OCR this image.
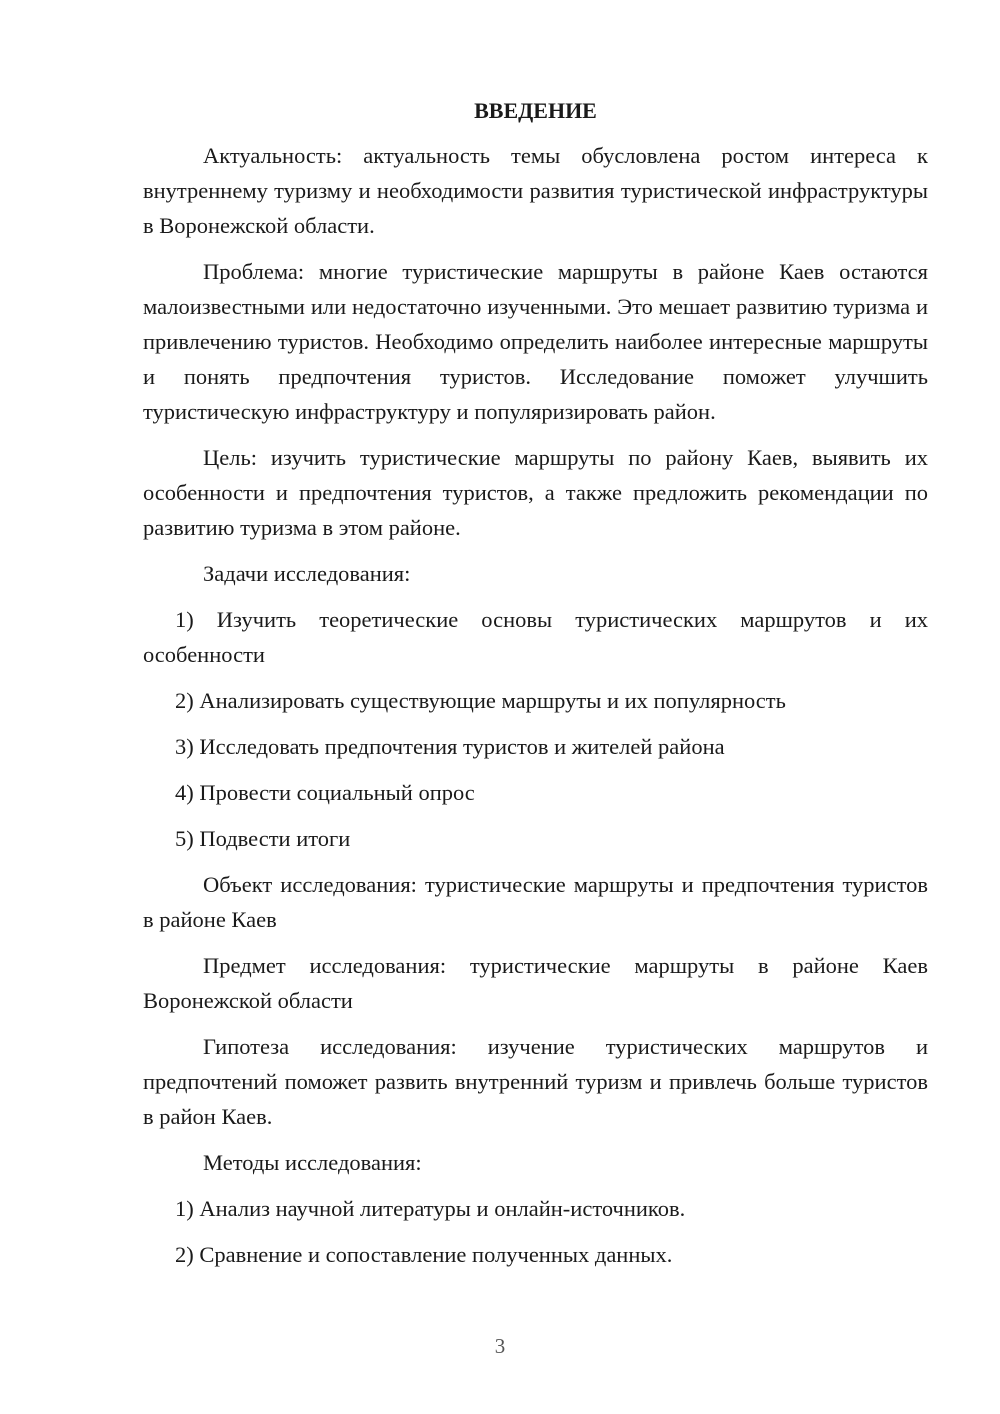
ВВЕДЕНИЕ

Актуальность: актуальность темы обусловлена ростом интереса к внутреннему туризму и необходимости развития туристической инфраструктуры в Воронежской области.

Проблема: многие туристические маршруты в районе Каев остаются малоизвестными или недостаточно изученными. Это мешает развитию туризма и привлечению туристов. Необходимо определить наиболее интересные маршруты и понять предпочтения туристов. Исследование поможет улучшить туристическую инфраструктуру и популяризировать район.

Цель: изучить туристические маршруты по району Каев, выявить их особенности и предпочтения туристов, а также предложить рекомендации по развитию туризма в этом районе.

Задачи исследования:

1) Изучить теоретические основы туристических маршрутов и их особенности

2) Анализировать существующие маршруты и их популярность

3) Исследовать предпочтения туристов и жителей района

4) Провести социальный опрос

5) Подвести итоги

Объект исследования: туристические маршруты и предпочтения туристов в районе Каев

Предмет исследования: туристические маршруты в районе Каев Воронежской области

Гипотеза исследования: изучение туристических маршрутов и предпочтений поможет развить внутренний туризм и привлечь больше туристов в район Каев.

Методы исследования:

1) Анализ научной литературы и онлайн-источников.

2) Сравнение и сопоставление полученных данных.

3
